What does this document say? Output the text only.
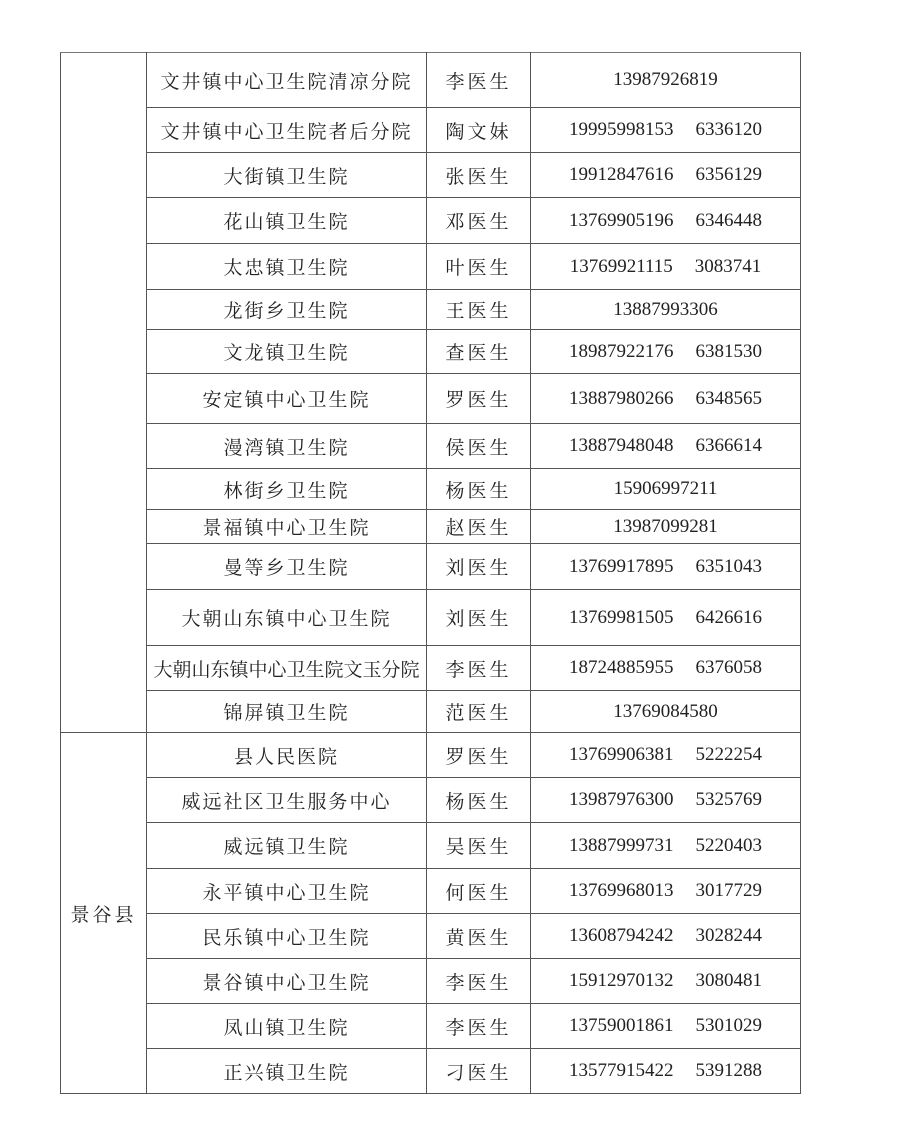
	文井镇中心卫生院清凉分院	李医生	13987926819
	文井镇中心卫生院者后分院	陶文妹	19995998153 6336120
	大街镇卫生院	张医生	19912847616 6356129
	花山镇卫生院	邓医生	13769905196 6346448
	太忠镇卫生院	叶医生	13769921115 3083741
	龙街乡卫生院	王医生	13887993306
	文龙镇卫生院	查医生	18987922176 6381530
	安定镇中心卫生院	罗医生	13887980266 6348565
	漫湾镇卫生院	侯医生	13887948048 6366614
	林街乡卫生院	杨医生	15906997211
	景福镇中心卫生院	赵医生	13987099281
	曼等乡卫生院	刘医生	13769917895 6351043
	大朝山东镇中心卫生院	刘医生	13769981505 6426616
	大朝山东镇中心卫生院文玉分院	李医生	18724885955 6376058
	锦屏镇卫生院	范医生	13769084580
景谷县	县人民医院	罗医生	13769906381 5222254
	威远社区卫生服务中心	杨医生	13987976300 5325769
	威远镇卫生院	吴医生	13887999731 5220403
	永平镇中心卫生院	何医生	13769968013 3017729
	民乐镇中心卫生院	黄医生	13608794242 3028244
	景谷镇中心卫生院	李医生	15912970132 3080481
	凤山镇卫生院	李医生	13759001861 5301029
	正兴镇卫生院	刁医生	13577915422 5391288
